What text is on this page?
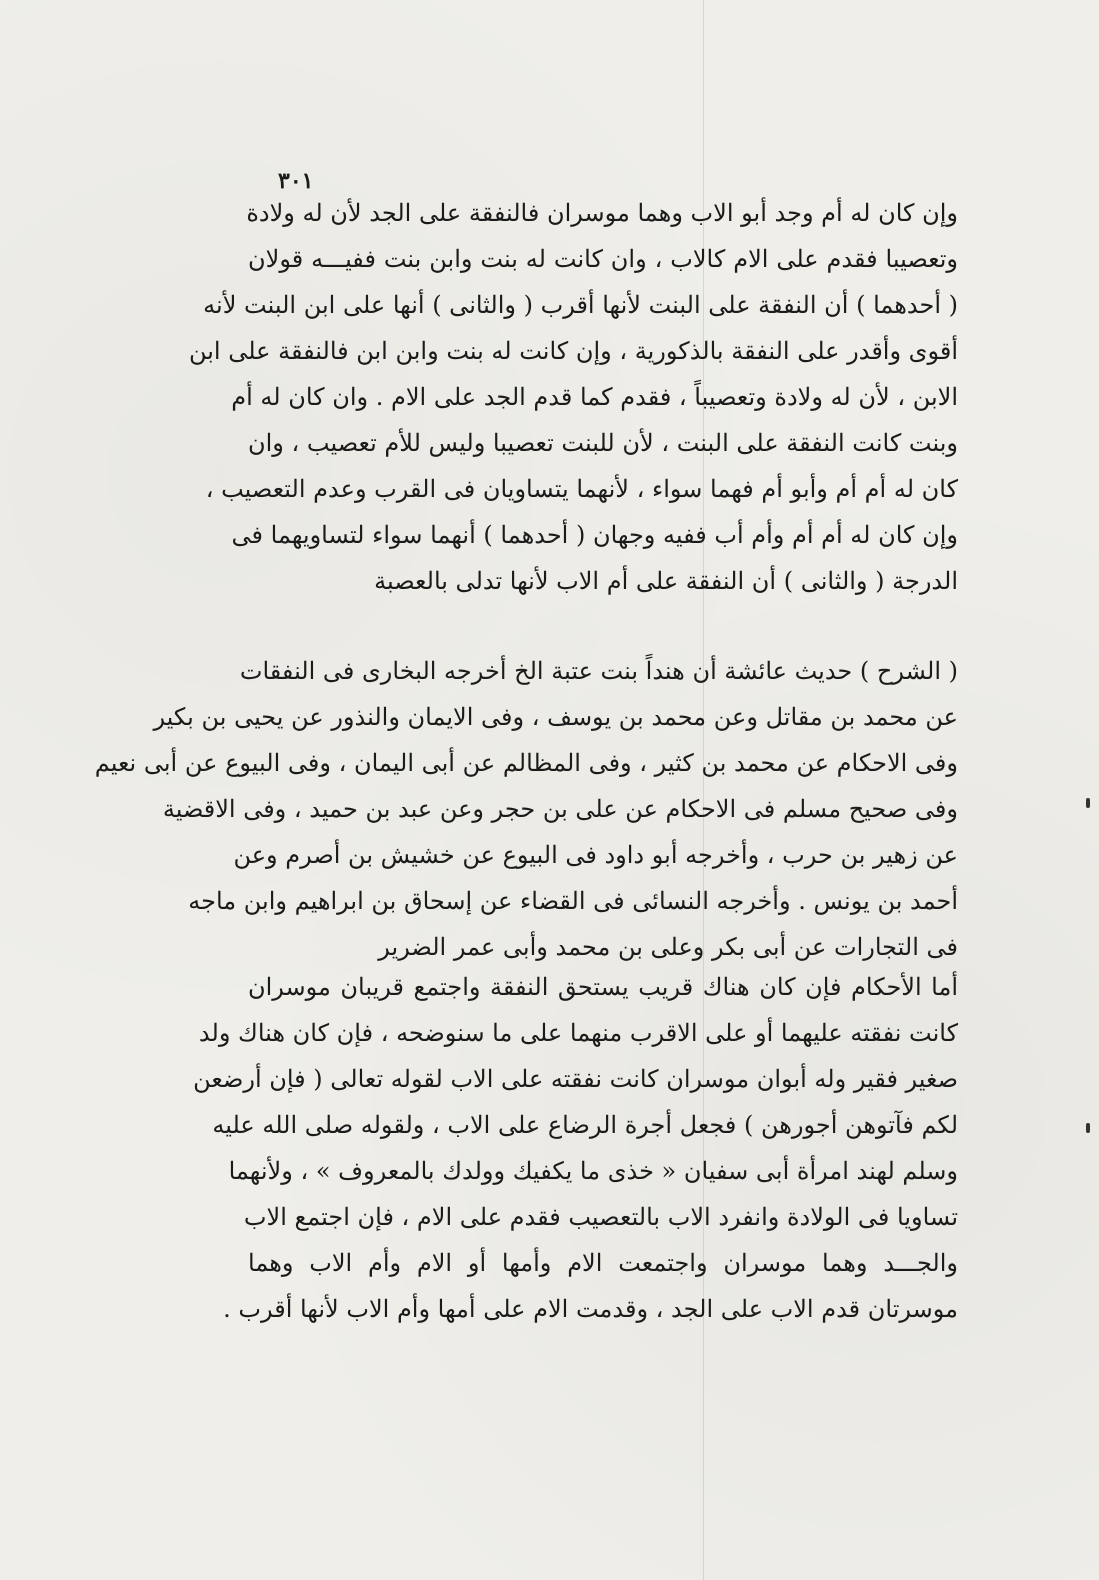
٣٠١

وإن كان له أم وجد أبو الاب وهما موسران فالنفقة على الجد لأن له ولادة
وتعصيبا فقدم على الام كالاب ، وان كانت له بنت وابن بنت ففيـــه قولان
( أحدهما ) أن النفقة على البنت لأنها أقرب ( والثانى ) أنها على ابن البنت لأنه
أقوى وأقدر على النفقة بالذكورية ، وإن كانت له بنت وابن ابن فالنفقة على ابن
الابن ، لأن له ولادة وتعصيباً ، فقدم كما قدم الجد على الام . وان كان له أم
وبنت كانت النفقة على البنت ، لأن للبنت تعصيبا وليس للأم تعصيب ، وان
كان له أم أم وأبو أم فهما سواء ، لأنهما يتساويان فى القرب وعدم التعصيب ،
وإن كان له أم أم وأم أب ففيه وجهان ( أحدهما ) أنهما سواء لتساويهما فى
الدرجة ( والثانى ) أن النفقة على أم الاب لأنها تدلى بالعصبة

( الشرح ) حديث عائشة أن هنداً بنت عتبة الخ أخرجه البخارى فى النفقات
عن محمد بن مقاتل وعن محمد بن يوسف ، وفى الايمان والنذور عن يحيى بن بكير
وفى الاحكام عن محمد بن كثير ، وفى المظالم عن أبى اليمان ، وفى البيوع عن أبى نعيم
وفى صحيح مسلم فى الاحكام عن على بن حجر وعن عبد بن حميد ، وفى الاقضية
عن زهير بن حرب ، وأخرجه أبو داود فى البيوع عن خشيش بن أصرم وعن
أحمد بن يونس . وأخرجه النسائى فى القضاء عن إسحاق بن ابراهيم وابن ماجه
فى التجارات عن أبى بكر وعلى بن محمد وأبى عمر الضرير

أما الأحكام فإن كان هناك قريب يستحق النفقة واجتمع قريبان موسران
كانت نفقته عليهما أو على الاقرب منهما على ما سنوضحه ، فإن كان هناك ولد
صغير فقير وله أبوان موسران كانت نفقته على الاب لقوله تعالى ( فإن أرضعن
لكم فآتوهن أجورهن ) فجعل أجرة الرضاع على الاب ، ولقوله صلى الله عليه
وسلم لهند امرأة أبى سفيان « خذى ما يكفيك وولدك بالمعروف » ، ولأنهما
تساويا فى الولادة وانفرد الاب بالتعصيب فقدم على الام ، فإن اجتمع الاب
والجـــد وهما موسران واجتمعت الام وأمها أو الام وأم الاب وهما
موسرتان قدم الاب على الجد ، وقدمت الام على أمها وأم الاب لأنها أقرب .
